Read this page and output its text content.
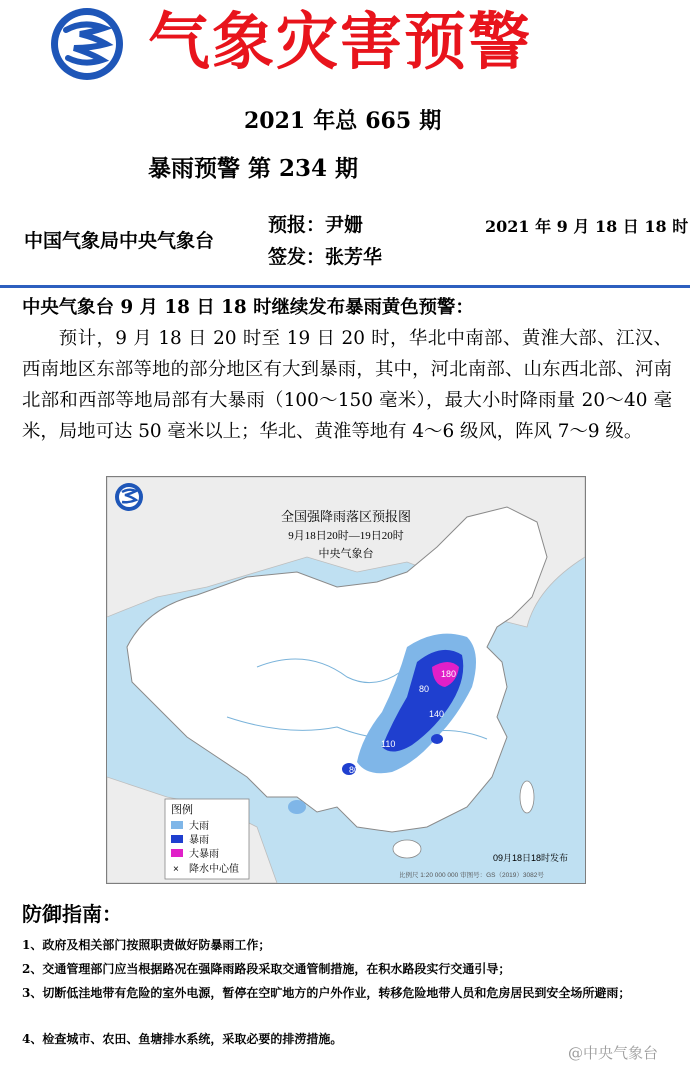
气象灾害预警
2021 年总 665 期
暴雨预警 第 234 期
中国气象局中央气象台
预报：尹姗
签发：张芳华
2021 年 9 月 18 日 18 时

中央气象台 9 月 18 日 18 时继续发布暴雨黄色预警：

预计，9 月 18 日 20 时至 19 日 20 时，华北中南部、黄淮大部、江汉、西南地区东部等地的部分地区有大到暴雨，其中，河北南部、山东西北部、河南北部和西部等地局部有大暴雨（100～150 毫米），最大小时降雨量 20～40 毫米，局地可达 50 毫米以上；华北、黄淮等地有 4～6 级风，阵风 7～9 级。

180
80
140
110
80
全国强降雨落区预报图
9月18日20时—19日20时
中央气象台
图例
大雨
暴雨
大暴雨
× 降水中心值
09月18日18时发布
比例尺 1:20 000 000 审图号：GS（2019）3082号
防御指南：
1、政府及相关部门按照职责做好防暴雨工作；
2、交通管理部门应当根据路况在强降雨路段采取交通管制措施，在积水路段实行交通引导；
3、切断低洼地带有危险的室外电源，暂停在空旷地方的户外作业，转移危险地带人员和危房居民到安全场所避雨；
4、检查城市、农田、鱼塘排水系统，采取必要的排涝措施。
@中央气象台
